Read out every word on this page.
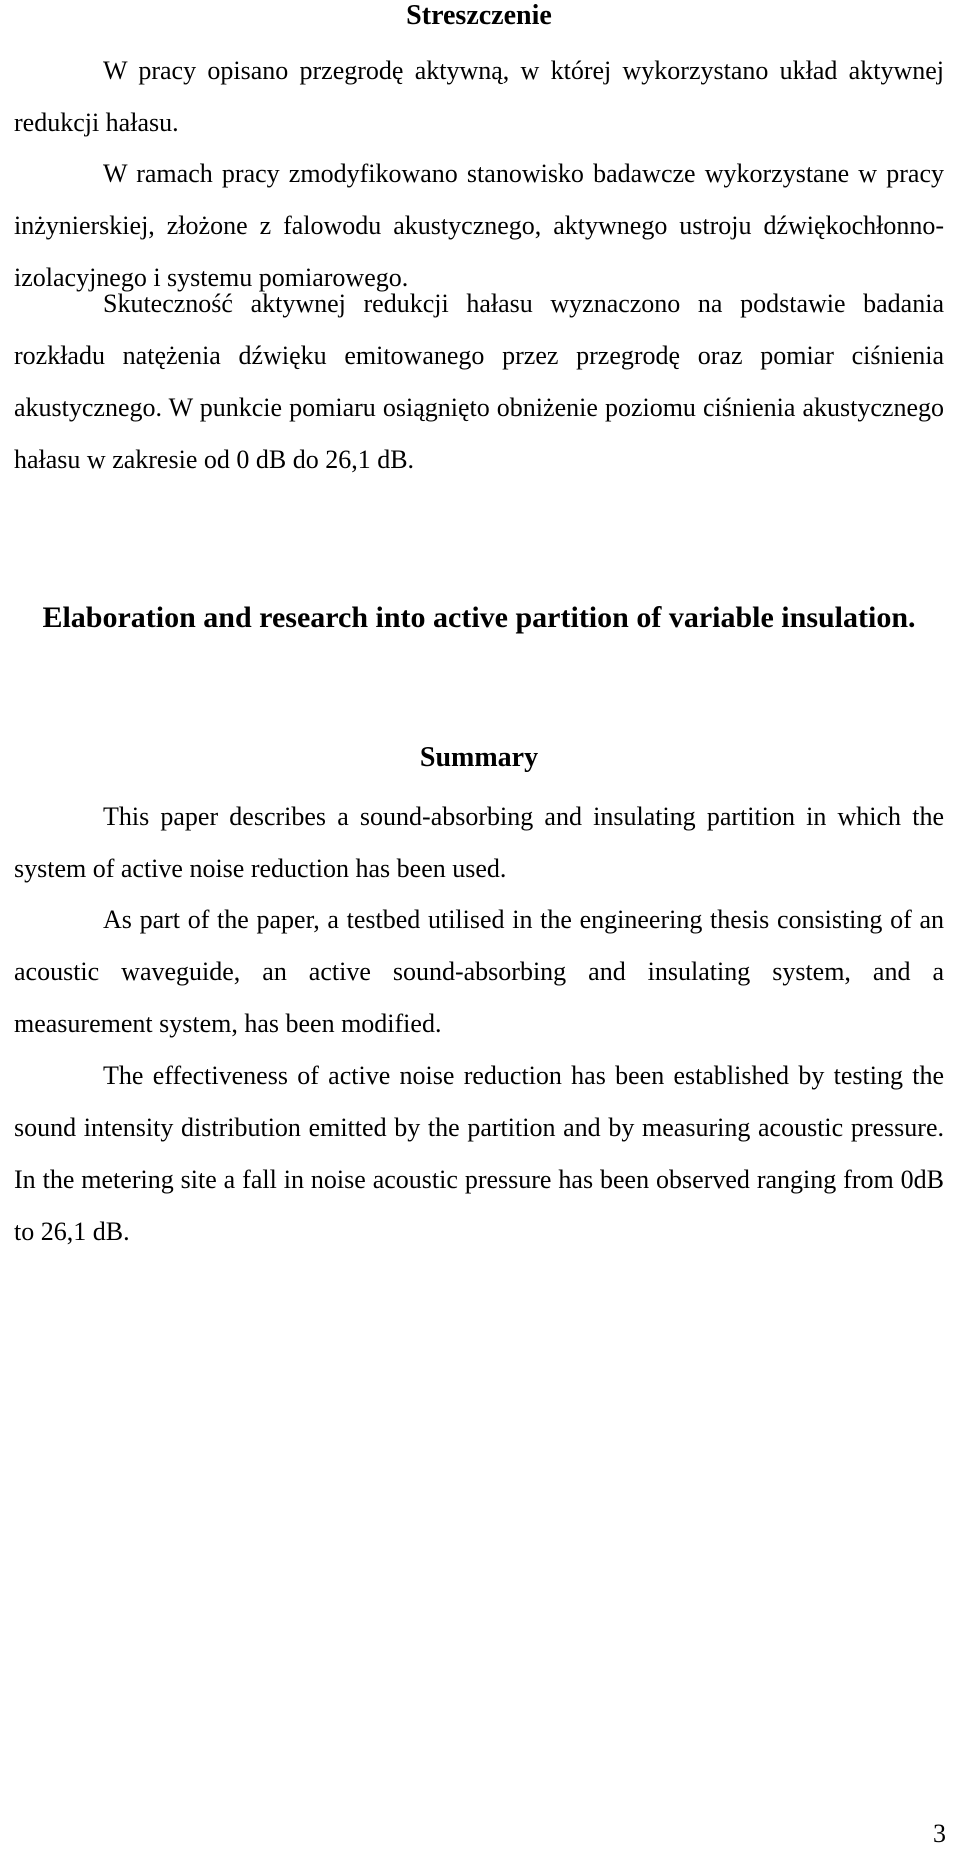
Streszczenie

W pracy opisano przegrodę aktywną, w której wykorzystano układ aktywnej redukcji hałasu.

W ramach pracy zmodyfikowano stanowisko badawcze wykorzystane w pracy inżynierskiej, złożone z falowodu akustycznego, aktywnego ustroju dźwiękochłonno-izolacyjnego i systemu pomiarowego.

Skuteczność aktywnej redukcji hałasu wyznaczono na podstawie badania rozkładu natężenia dźwięku emitowanego przez przegrodę oraz pomiar ciśnienia akustycznego. W punkcie pomiaru osiągnięto obniżenie poziomu ciśnienia akustycznego hałasu w zakresie od 0 dB do 26,1 dB.

Elaboration and research into active partition of variable insulation.
Summary

This paper describes a sound-absorbing and insulating partition in which the system of active noise reduction has been used.

As part of the paper, a testbed utilised in the engineering thesis consisting of an acoustic waveguide, an active sound-absorbing and insulating system, and a measurement system, has been modified.

The effectiveness of active noise reduction has been established by testing the sound intensity distribution emitted by the partition and by measuring acoustic pressure. In the metering site a fall in noise acoustic pressure has been observed ranging from 0dB to 26,1 dB.

3
